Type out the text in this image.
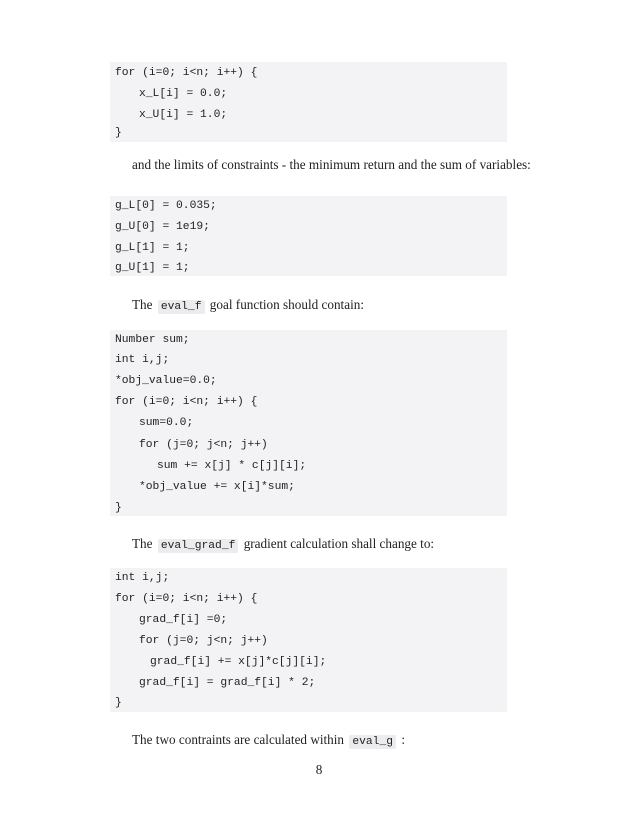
for (i=0; i<n; i++) {
x_L[i] = 0.0;
x_U[i] = 1.0;
}

and the limits of constraints - the minimum return and the sum of variables:

g_L[0] = 0.035;
g_U[0] = 1e19;
g_L[1] = 1;
g_U[1] = 1;

The eval_f goal function should contain:

Number sum;
int i,j;
*obj_value=0.0;
for (i=0; i<n; i++) {
sum=0.0;
for (j=0; j<n; j++)
sum += x[j] * c[j][i];
*obj_value += x[i]*sum;
}

The eval_grad_f gradient calculation shall change to:

int i,j;
for (i=0; i<n; i++) {
grad_f[i] =0;
for (j=0; j<n; j++)
grad_f[i] += x[j]*c[j][i];
grad_f[i] = grad_f[i] * 2;
}

The two contraints are calculated within eval_g :

8
